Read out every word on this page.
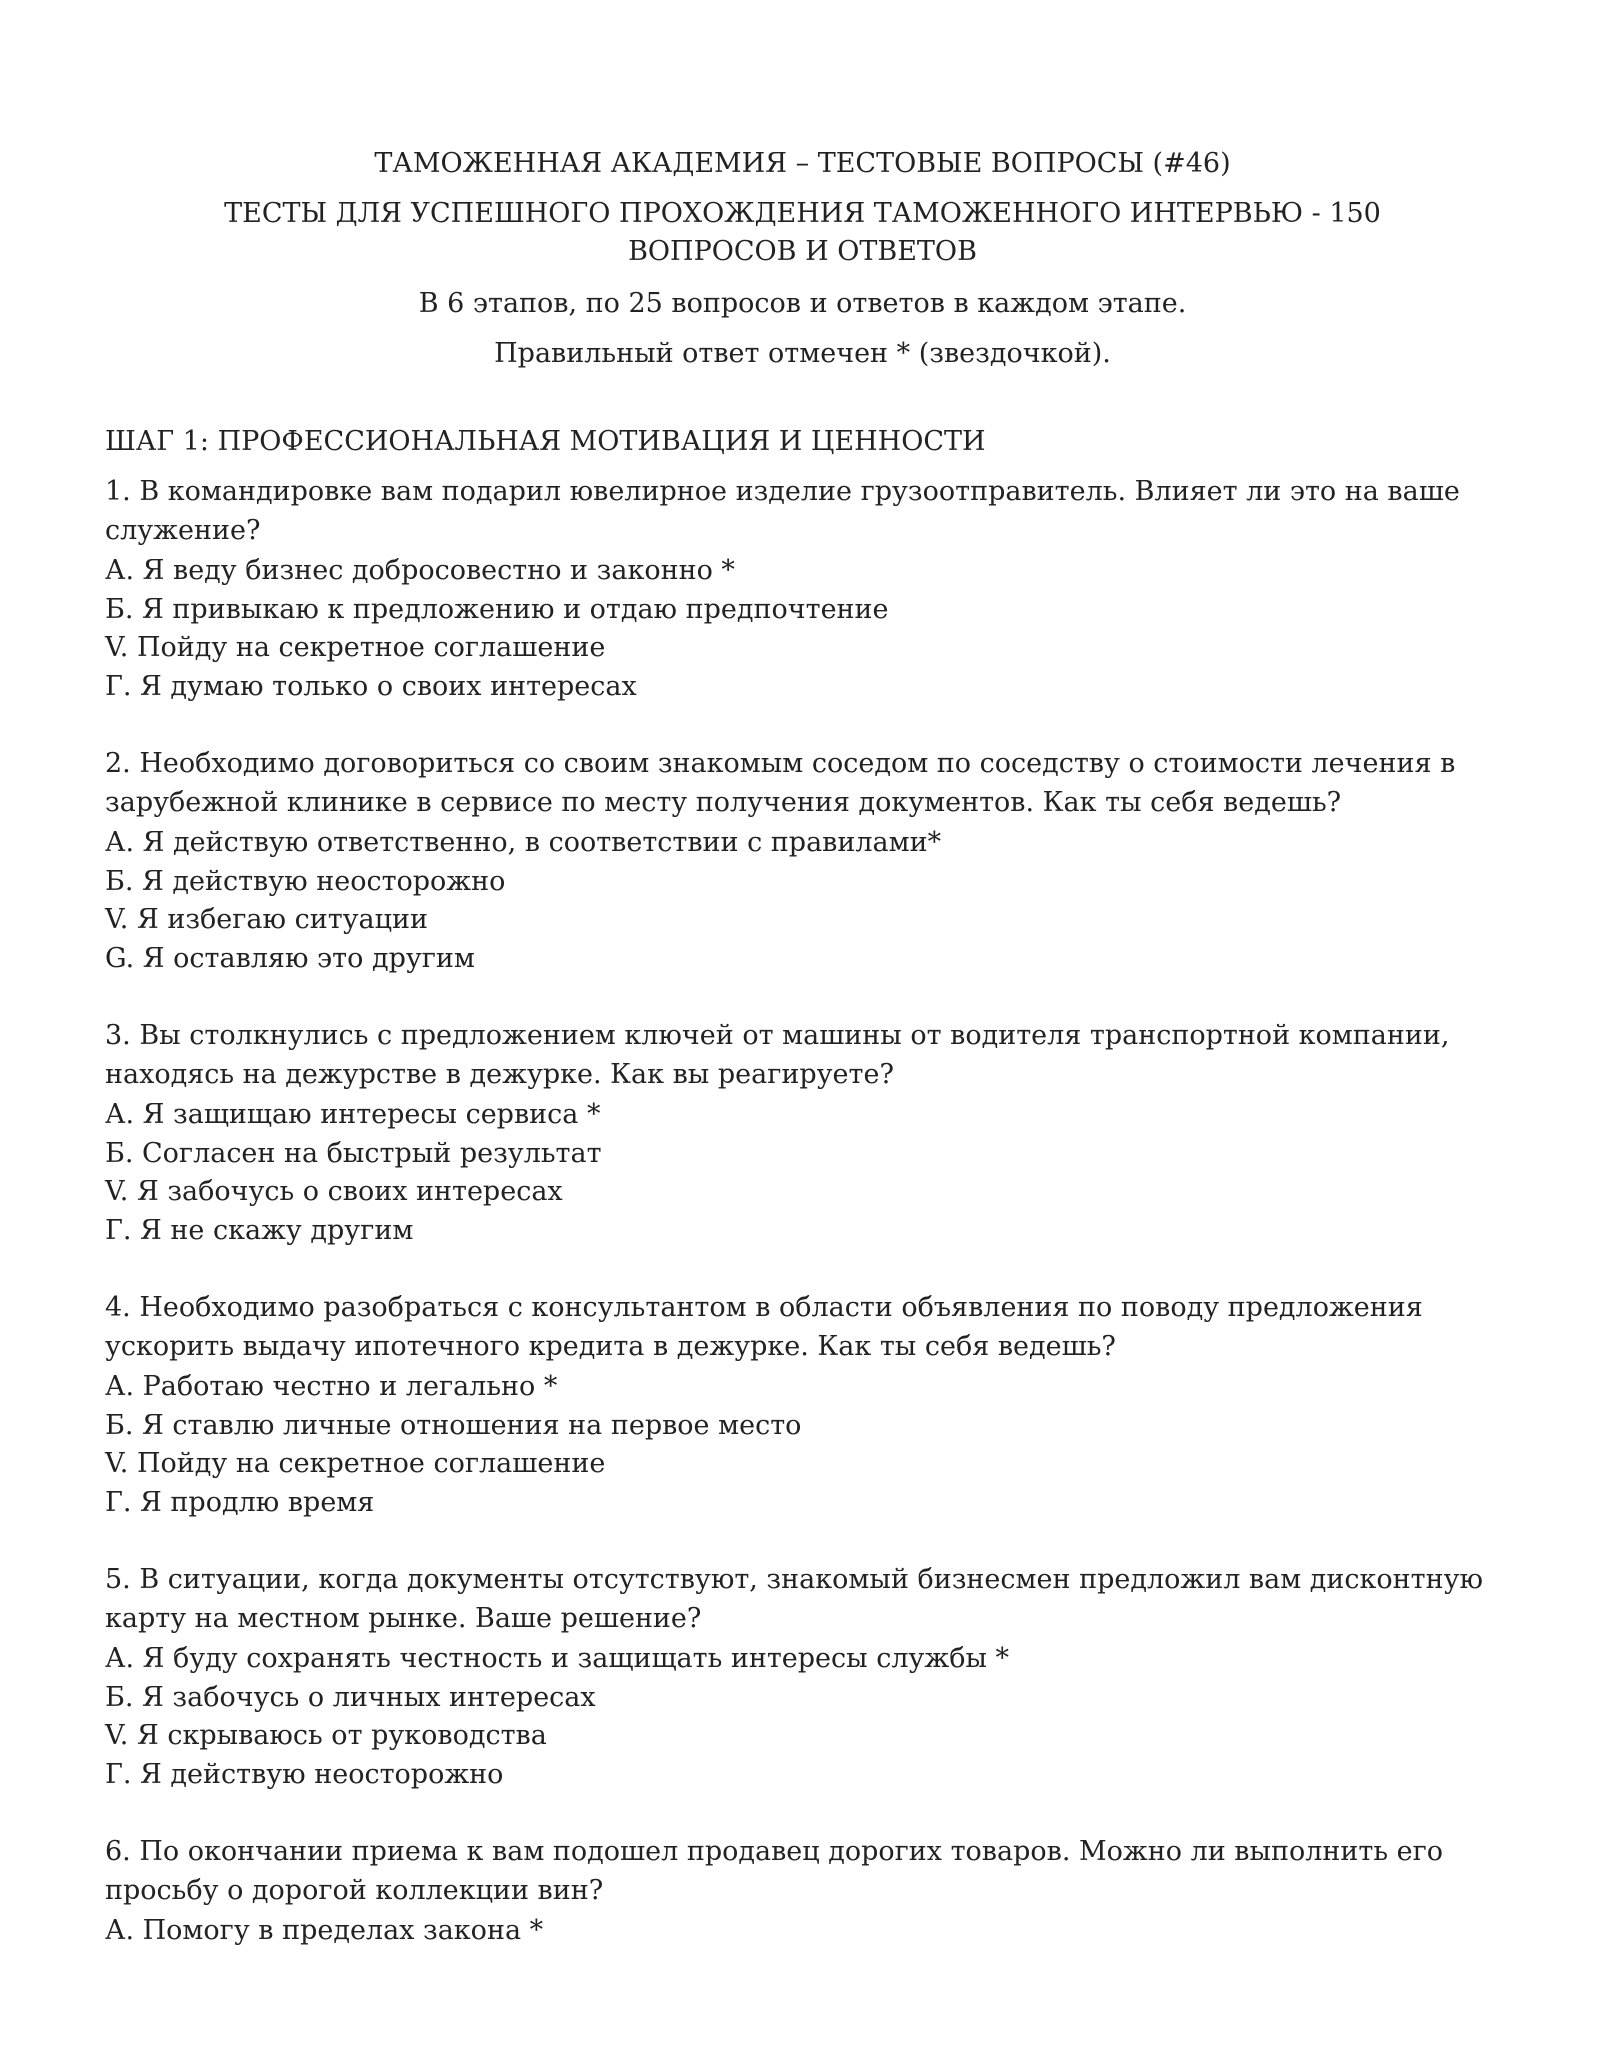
ТАМОЖЕННАЯ АКАДЕМИЯ – ТЕСТОВЫЕ ВОПРОСЫ (#46)

ТЕСТЫ ДЛЯ УСПЕШНОГО ПРОХОЖДЕНИЯ ТАМОЖЕННОГО ИНТЕРВЬЮ - 150 ВОПРОСОВ И ОТВЕТОВ

В 6 этапов, по 25 вопросов и ответов в каждом этапе.

Правильный ответ отмечен * (звездочкой).

ШАГ 1: ПРОФЕССИОНАЛЬНАЯ МОТИВАЦИЯ И ЦЕННОСТИ

1. В командировке вам подарил ювелирное изделие грузоотправитель. Влияет ли это на ваше служение?

А. Я веду бизнес добросовестно и законно *

Б. Я привыкаю к предложению и отдаю предпочтение

V. Пойду на секретное соглашение

Г. Я думаю только о своих интересах

2. Необходимо договориться со своим знакомым соседом по соседству о стоимости лечения в зарубежной клинике в сервисе по месту получения документов. Как ты себя ведешь?

А. Я действую ответственно, в соответствии с правилами*

Б. Я действую неосторожно

V. Я избегаю ситуации

G. Я оставляю это другим

3. Вы столкнулись с предложением ключей от машины от водителя транспортной компании, находясь на дежурстве в дежурке. Как вы реагируете?

А. Я защищаю интересы сервиса *

Б. Согласен на быстрый результат

V. Я забочусь о своих интересах

Г. Я не скажу другим

4. Необходимо разобраться с консультантом в области объявления по поводу предложения ускорить выдачу ипотечного кредита в дежурке. Как ты себя ведешь?

А. Работаю честно и легально *

Б. Я ставлю личные отношения на первое место

V. Пойду на секретное соглашение

Г. Я продлю время

5. В ситуации, когда документы отсутствуют, знакомый бизнесмен предложил вам дисконтную карту на местном рынке. Ваше решение?

А. Я буду сохранять честность и защищать интересы службы *

Б. Я забочусь о личных интересах

V. Я скрываюсь от руководства

Г. Я действую неосторожно

6. По окончании приема к вам подошел продавец дорогих товаров. Можно ли выполнить его просьбу о дорогой коллекции вин?

А. Помогу в пределах закона *
